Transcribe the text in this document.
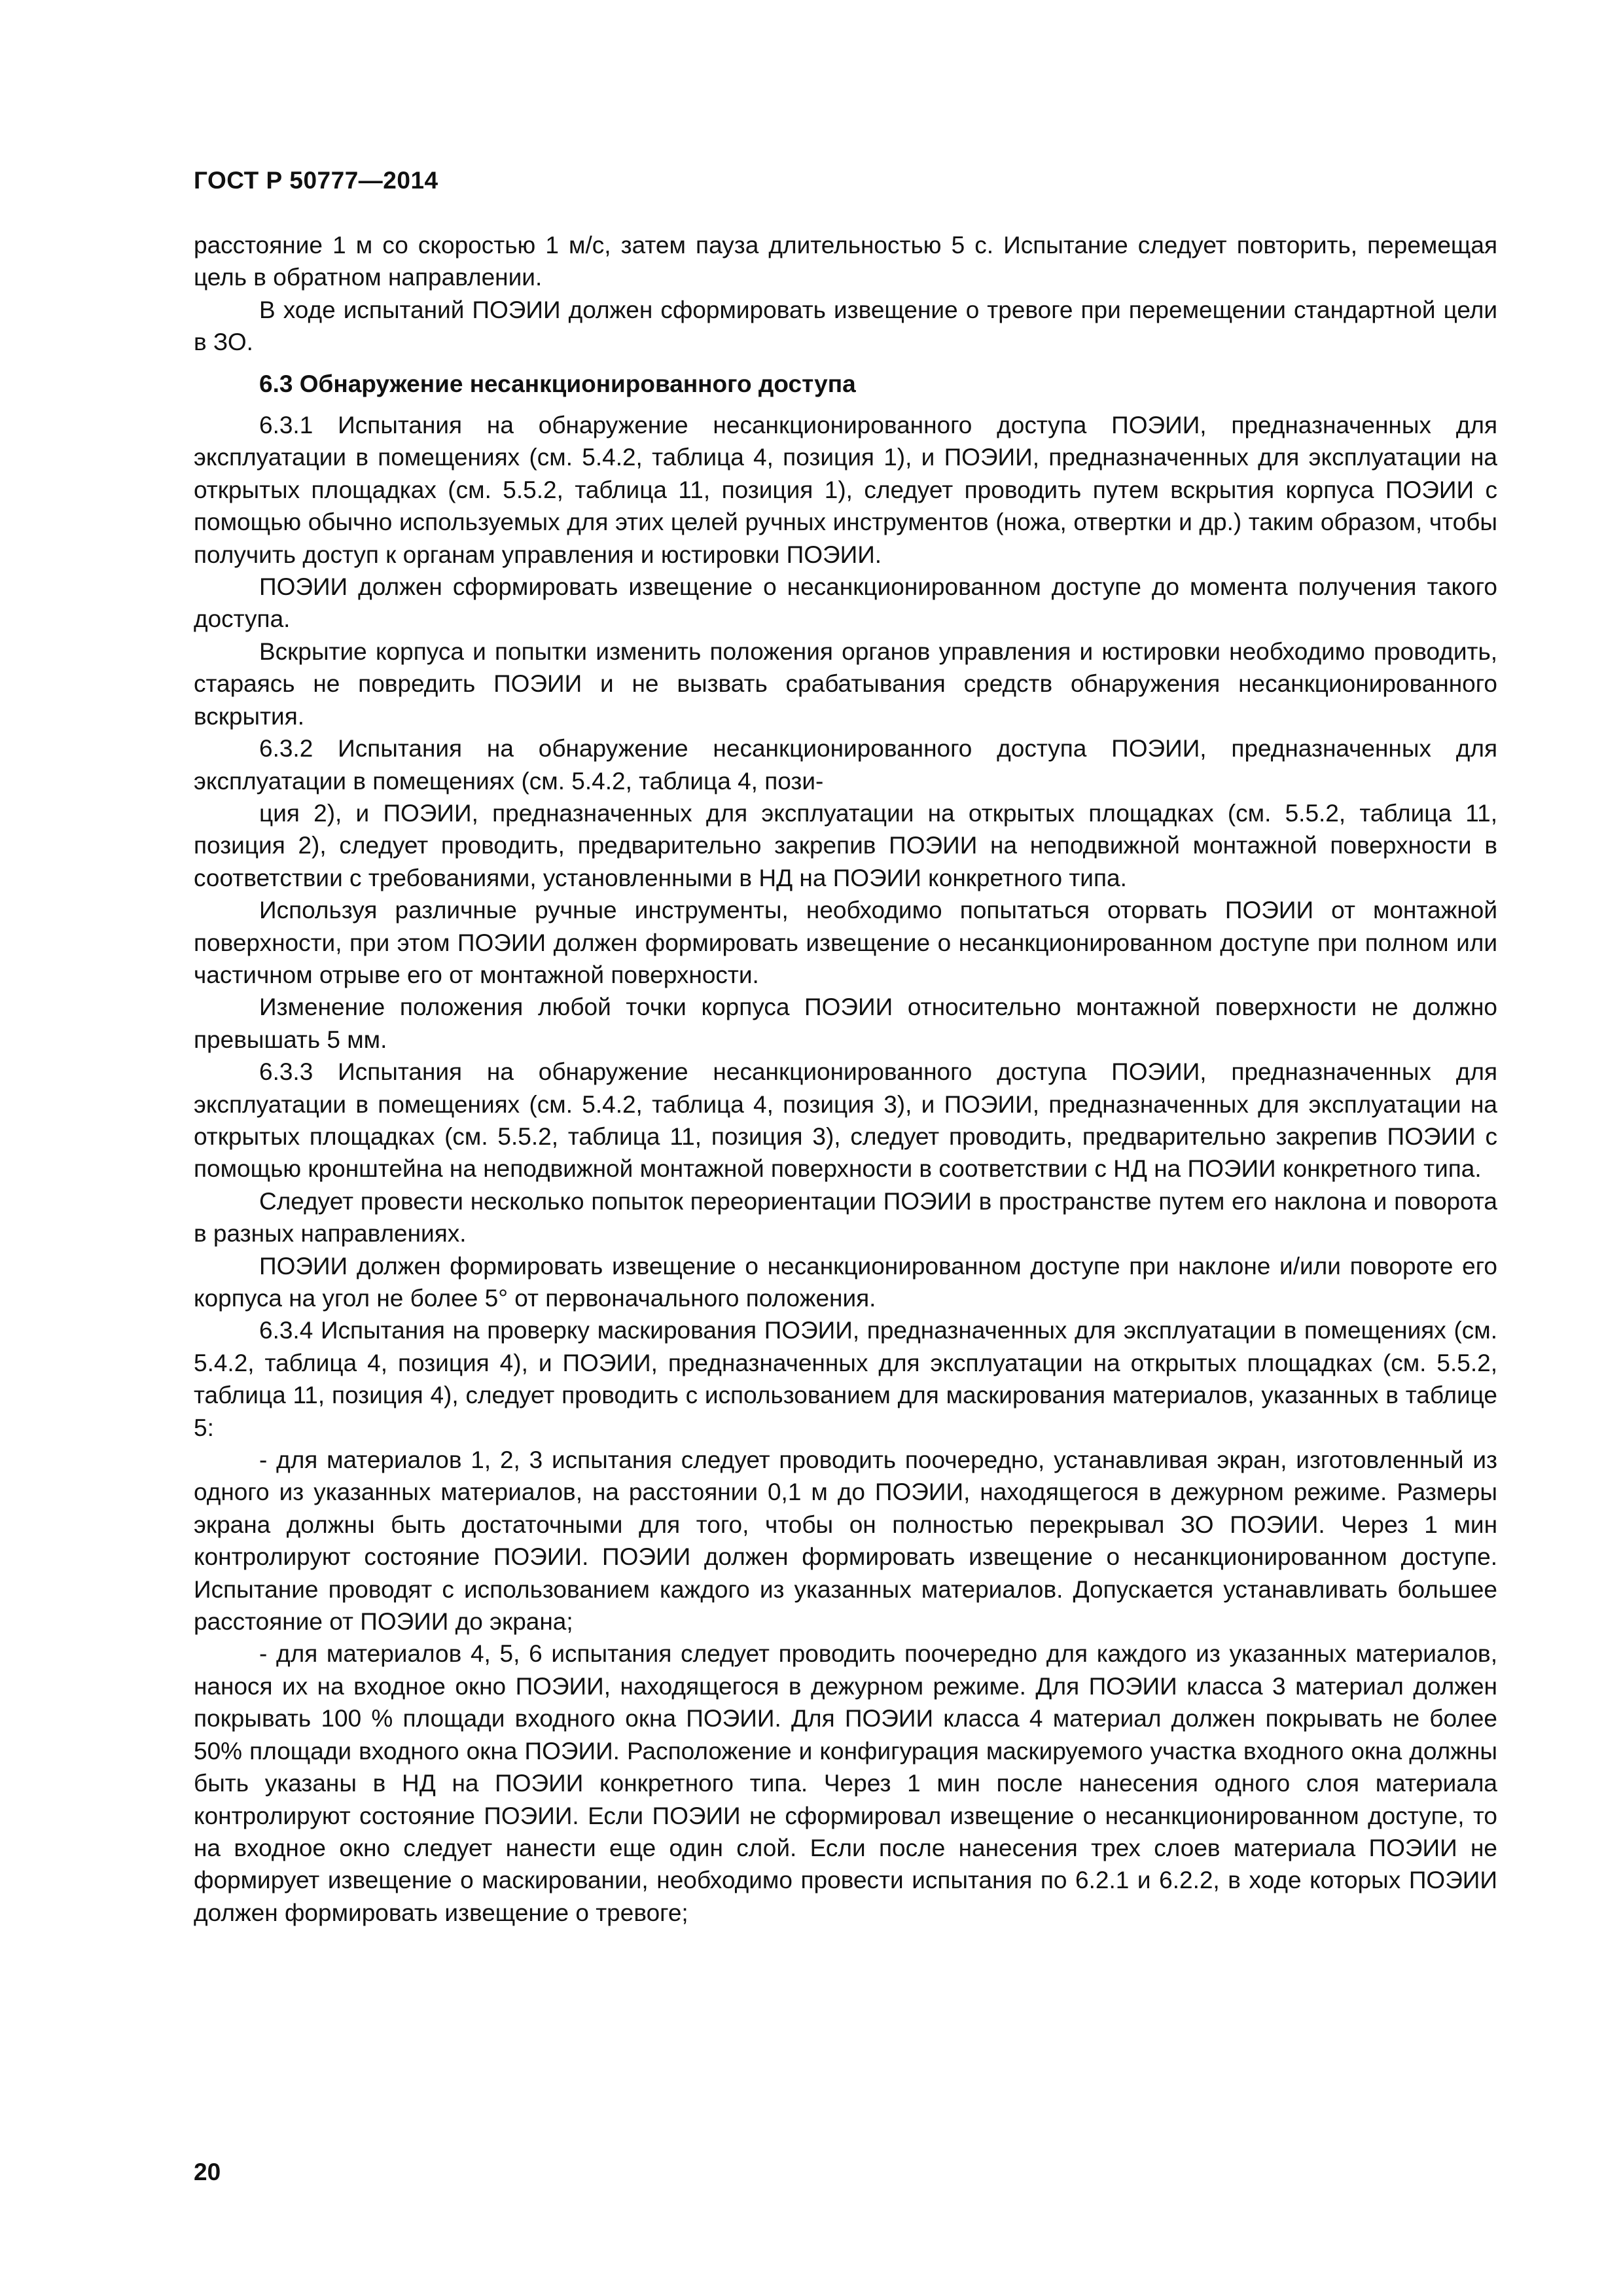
ГОСТ Р 50777—2014

расстояние 1 м со скоростью 1 м/с, затем пауза длительностью 5 с. Испытание следует повторить, перемещая цель в обратном направлении.

В ходе испытаний ПОЭИИ должен сформировать извещение о тревоге при перемещении стандартной цели в ЗО.

6.3 Обнаружение несанкционированного доступа

6.3.1 Испытания на обнаружение несанкционированного доступа ПОЭИИ, предназначенных для эксплуатации в помещениях (см. 5.4.2, таблица 4, позиция 1), и ПОЭИИ, предназначенных для эксплуатации на открытых площадках (см. 5.5.2, таблица 11, позиция 1), следует проводить путем вскрытия корпуса ПОЭИИ с помощью обычно используемых для этих целей ручных инструментов (ножа, отвертки и др.) таким образом, чтобы получить доступ к органам управления и юстировки ПОЭИИ.

ПОЭИИ должен сформировать извещение о несанкционированном доступе до момента получения такого доступа.

Вскрытие корпуса и попытки изменить положения органов управления и юстировки необходимо проводить, стараясь не повредить ПОЭИИ и не вызвать срабатывания средств обнаружения несанкционированного вскрытия.

6.3.2 Испытания на обнаружение несанкционированного доступа ПОЭИИ, предназначенных для эксплуатации в помещениях (см. 5.4.2, таблица 4, пози-

ция 2), и ПОЭИИ, предназначенных для эксплуатации на открытых площадках (см. 5.5.2, таблица 11, позиция 2), следует проводить, предварительно закрепив ПОЭИИ на неподвижной монтажной поверхности в соответствии с требованиями, установленными в НД на ПОЭИИ конкретного типа.

Используя различные ручные инструменты, необходимо попытаться оторвать ПОЭИИ от монтажной поверхности, при этом ПОЭИИ должен формировать извещение о несанкционированном доступе при полном или частичном отрыве его от монтажной поверхности.

Изменение положения любой точки корпуса ПОЭИИ относительно монтажной поверхности не должно превышать 5 мм.

6.3.3 Испытания на обнаружение несанкционированного доступа ПОЭИИ, предназначенных для эксплуатации в помещениях (см. 5.4.2, таблица 4, позиция 3), и ПОЭИИ, предназначенных для эксплуатации на открытых площадках (см. 5.5.2, таблица 11, позиция 3), следует проводить, предварительно закрепив ПОЭИИ с помощью кронштейна на неподвижной монтажной поверхности в соответствии с НД на ПОЭИИ конкретного типа.

Следует провести несколько попыток переориентации ПОЭИИ в пространстве путем его наклона и поворота в разных направлениях.

ПОЭИИ должен формировать извещение о несанкционированном доступе при наклоне и/или повороте его корпуса на угол не более 5° от первоначального положения.

6.3.4 Испытания на проверку маскирования ПОЭИИ, предназначенных для эксплуатации в помещениях (см. 5.4.2, таблица 4, позиция 4), и ПОЭИИ, предназначенных для эксплуатации на открытых площадках (см. 5.5.2, таблица 11, позиция 4), следует проводить с использованием для маскирования материалов, указанных в таблице 5:

- для материалов 1, 2, 3 испытания следует проводить поочередно, устанавливая экран, изготовленный из одного из указанных материалов, на расстоянии 0,1 м до ПОЭИИ, находящегося в дежурном режиме. Размеры экрана должны быть достаточными для того, чтобы он полностью перекрывал ЗО ПОЭИИ. Через 1 мин контролируют состояние ПОЭИИ. ПОЭИИ должен формировать извещение о несанкционированном доступе. Испытание проводят с использованием каждого из указанных материалов. Допускается устанавливать большее расстояние от ПОЭИИ до экрана;

- для материалов 4, 5, 6 испытания следует проводить поочередно для каждого из указанных материалов, нанося их на входное окно ПОЭИИ, находящегося в дежурном режиме. Для ПОЭИИ класса 3 материал должен покрывать 100 % площади входного окна ПОЭИИ. Для ПОЭИИ класса 4 материал должен покрывать не более 50% площади входного окна ПОЭИИ. Расположение и конфигурация маскируемого участка входного окна должны быть указаны в НД на ПОЭИИ конкретного типа. Через 1 мин после нанесения одного слоя материала контролируют состояние ПОЭИИ. Если ПОЭИИ не сформировал извещение о несанкционированном доступе, то на входное окно следует нанести еще один слой. Если после нанесения трех слоев материала ПОЭИИ не формирует извещение о маскировании, необходимо провести испытания по 6.2.1 и 6.2.2, в ходе которых ПОЭИИ должен формировать извещение о тревоге;

20
